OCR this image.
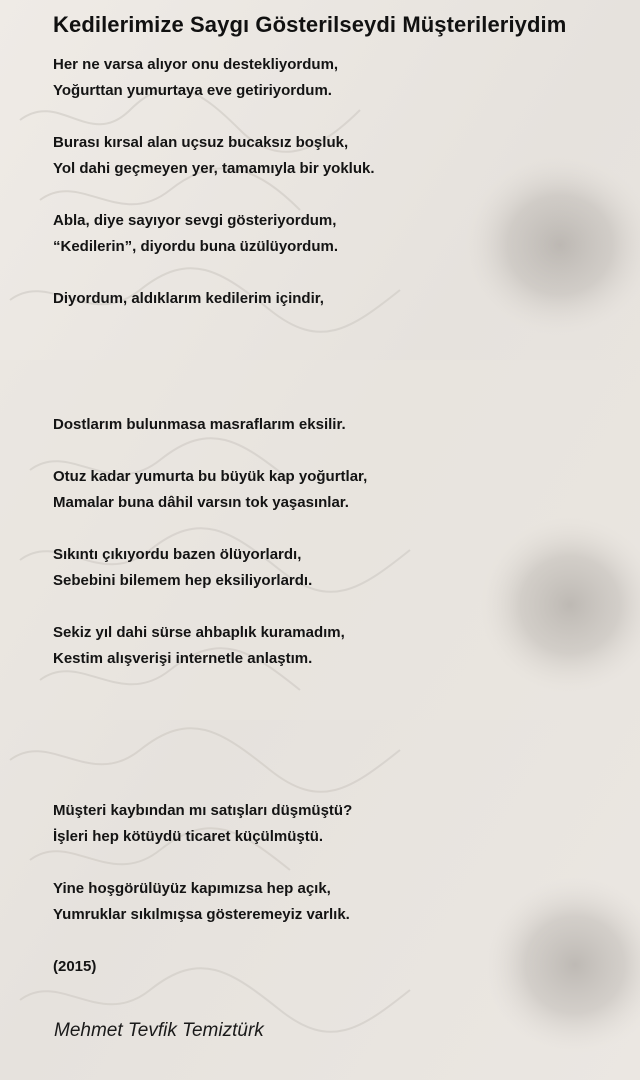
Kedilerimize Saygı Gösterilseydi Müşterileriydim

Her ne varsa alıyor onu destekliyordum,

Yoğurttan yumurtaya eve getiriyordum.

Burası kırsal alan uçsuz bucaksız boşluk,

Yol dahi geçmeyen yer, tamamıyla bir yokluk.

Abla, diye sayıyor sevgi gösteriyordum,

“Kedilerin”, diyordu buna üzülüyordum.

Diyordum, aldıklarım kedilerim içindir,

Dostlarım bulunmasa masraflarım eksilir.

Otuz kadar yumurta bu büyük kap yoğurtlar,

Mamalar buna dâhil varsın tok yaşasınlar.

Sıkıntı çıkıyordu bazen ölüyorlardı,

Sebebini bilemem hep eksiliyorlardı.

Sekiz yıl dahi sürse ahbaplık kuramadım,

Kestim alışverişi internetle anlaştım.

Müşteri kaybından mı satışları düşmüştü?

İşleri hep kötüydü ticaret küçülmüştü.

Yine hoşgörülüyüz kapımızsa hep açık,

Yumruklar sıkılmışsa gösteremeyiz varlık.

(2015)

Mehmet Tevfik Temiztürk
